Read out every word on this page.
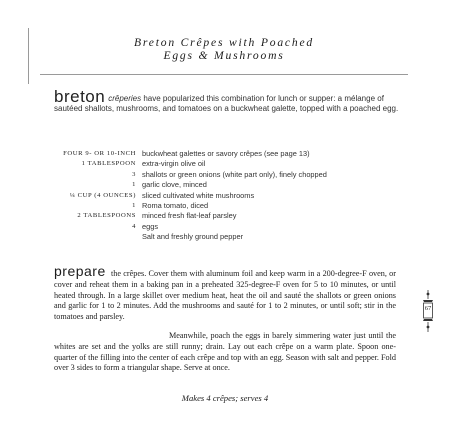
Breton Crêpes with Poached
Eggs & Mushrooms
breton crêperies have popularized this combination for lunch or supper: a mélange of sautéed shallots, mushrooms, and tomatoes on a buckwheat galette, topped with a poached egg.
FOUR 9- OR 10-INCH buckwheat galettes or savory crêpes (see page 13)
1 TABLESPOON extra-virgin olive oil
3 shallots or green onions (white part only), finely chopped
1 garlic clove, minced
¼ CUP (4 OUNCES) sliced cultivated white mushrooms
1 Roma tomato, diced
2 TABLESPOONS minced fresh flat-leaf parsley
4 eggs
Salt and freshly ground pepper

prepare the crêpes. Cover them with aluminum foil and keep warm in a 200-degree-F oven, or cover and reheat them in a baking pan in a preheated 325-degree-F oven for 5 to 10 minutes, or until heated through. In a large skillet over medium heat, heat the oil and sauté the shallots or green onions and garlic for 1 to 2 minutes. Add the mushrooms and sauté for 1 to 2 minutes, or until soft; stir in the tomatoes and parsley.

Meanwhile, poach the eggs in barely simmering water just until the whites are set and the yolks are still runny; drain. Lay out each crêpe on a warm plate. Spoon one-quarter of the filling into the center of each crêpe and top with an egg. Season with salt and pepper. Fold over 3 sides to form a triangular shape. Serve at once.

Makes 4 crêpes; serves 4
67
